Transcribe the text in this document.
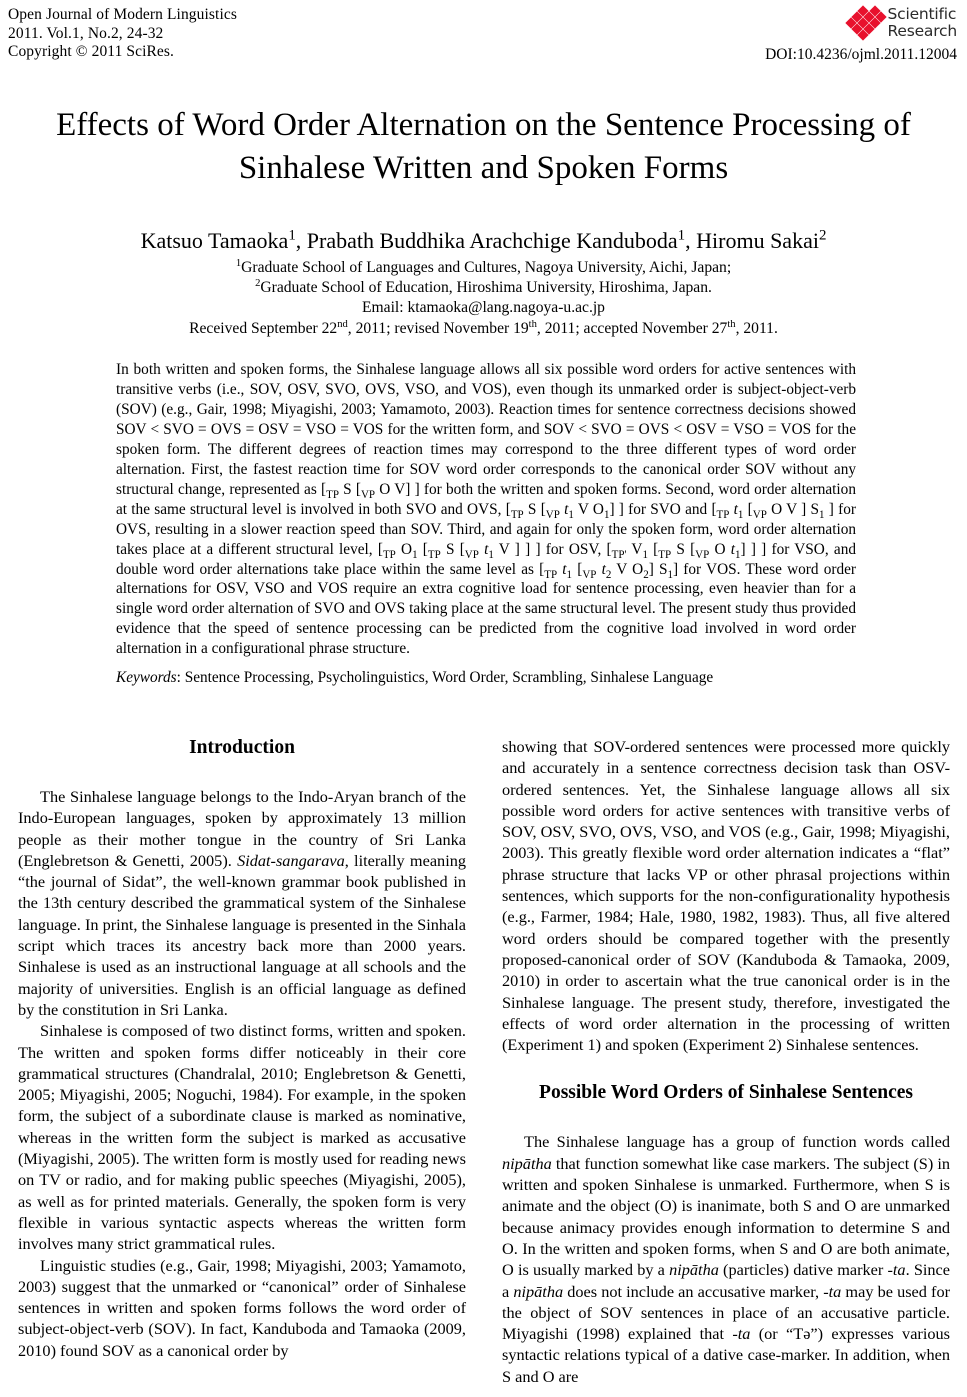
Open Journal of Modern Linguistics
2011. Vol.1, No.2, 24-32
Copyright © 2011 SciRes.
Scientific
Research
DOI:10.4236/ojml.2011.12004
Effects of Word Order Alternation on the Sentence Processing of Sinhalese Written and Spoken Forms
Katsuo Tamaoka$^1$, Prabath Buddhika Arachchige Kanduboda$^1$, Hiromu Sakai$^2$
$^1$Graduate School of Languages and Cultures, Nagoya University, Aichi, Japan;
$^2$Graduate School of Education, Hiroshima University, Hiroshima, Japan.
Email: ktamaoka@lang.nagoya-u.ac.jp
Received September 22nd, 2011; revised November 19th, 2011; accepted November 27th, 2011.

In both written and spoken forms, the Sinhalese language allows all six possible word orders for active sentences with transitive verbs (i.e., SOV, OSV, SVO, OVS, VSO, and VOS), even though its unmarked order is subject-object-verb (SOV) (e.g., Gair, 1998; Miyagishi, 2003; Yamamoto, 2003). Reaction times for sentence correctness decisions showed SOV < SVO = OVS = OSV = VSO = VOS for the written form, and SOV < SVO = OVS < OSV = VSO = VOS for the spoken form. The different degrees of reaction times may correspond to the three different types of word order alternation. First, the fastest reaction time for SOV word order corresponds to the canonical order SOV without any structural change, represented as [$_{TP}$ S [$_{VP}$ O V] ] for both the written and spoken forms. Second, word order alternation at the same structural level is involved in both SVO and OVS, [$_{TP}$ S [$_{VP}$ $t_1$ V $O_1$] ] for SVO and [$_{TP}$ $t_1$ [$_{VP}$ O V ] $S_1$ ] for OVS, resulting in a slower reaction speed than SOV. Third, and again for only the spoken form, word order alternation takes place at a different structural level, [$_{TP}$ $O_1$ [$_{TP}$ S [$_{VP}$ $t_1$ V ] ] ] for OSV, [$_{TP'}$ $V_1$ [$_{TP}$ S [$_{VP}$ O $t_1$] ] ] for VSO, and double word order alternations take place within the same level as [$_{TP}$ $t_1$ [$_{VP}$ $t_2$ V $O_2$] $S_1$] for VOS. These word order alternations for OSV, VSO and VOS require an extra cognitive load for sentence processing, even heavier than for a single word order alternation of SVO and OVS taking place at the same structural level. The present study thus provided evidence that the speed of sentence processing can be predicted from the cognitive load involved in word order alternation in a configurational phrase structure.

Keywords: Sentence Processing, Psycholinguistics, Word Order, Scrambling, Sinhalese Language
Introduction

The Sinhalese language belongs to the Indo-Aryan branch of the Indo-European languages, spoken by approximately 13 million people as their mother tongue in the country of Sri Lanka (Englebretson & Genetti, 2005). Sidat-sangarava, literally meaning “the journal of Sidat”, the well-known grammar book published in the 13th century described the grammatical system of the Sinhalese language. In print, the Sinhalese language is presented in the Sinhala script which traces its ancestry back more than 2000 years. Sinhalese is used as an instructional language at all schools and the majority of universities. English is an official language as defined by the constitution in Sri Lanka.

Sinhalese is composed of two distinct forms, written and spoken. The written and spoken forms differ noticeably in their core grammatical structures (Chandralal, 2010; Englebretson & Genetti, 2005; Miyagishi, 2005; Noguchi, 1984). For example, in the spoken form, the subject of a subordinate clause is marked as nominative, whereas in the written form the subject is marked as accusative (Miyagishi, 2005). The written form is mostly used for reading news on TV or radio, and for making public speeches (Miyagishi, 2005), as well as for printed materials. Generally, the spoken form is very flexible in various syntactic aspects whereas the written form involves many strict grammatical rules.

Linguistic studies (e.g., Gair, 1998; Miyagishi, 2003; Yamamoto, 2003) suggest that the unmarked or “canonical” order of Sinhalese sentences in written and spoken forms follows the word order of subject-object-verb (SOV). In fact, Kanduboda and Tamaoka (2009, 2010) found SOV as a canonical order by

showing that SOV-ordered sentences were processed more quickly and accurately in a sentence correctness decision task than OSV-ordered sentences. Yet, the Sinhalese language allows all six possible word orders for active sentences with transitive verbs of SOV, OSV, SVO, OVS, VSO, and VOS (e.g., Gair, 1998; Miyagishi, 2003). This greatly flexible word order alternation indicates a “flat” phrase structure that lacks VP or other phrasal projections within sentences, which supports for the non-configurationality hypothesis (e.g., Farmer, 1984; Hale, 1980, 1982, 1983). Thus, all five altered word orders should be compared together with the presently proposed-canonical order of SOV (Kanduboda & Tamaoka, 2009, 2010) in order to ascertain what the true canonical order is in the Sinhalese language. The present study, therefore, investigated the effects of word order alternation in the processing of written (Experiment 1) and spoken (Experiment 2) Sinhalese sentences.

Possible Word Orders of Sinhalese Sentences

The Sinhalese language has a group of function words called nipātha that function somewhat like case markers. The subject (S) in written and spoken Sinhalese is unmarked. Furthermore, when S is animate and the object (O) is inanimate, both S and O are unmarked because animacy provides enough information to determine S and O. In the written and spoken forms, when S and O are both animate, O is usually marked by a nipātha (particles) dative marker -ta. Since a nipātha does not include an accusative marker, -ta may be used for the object of SOV sentences in place of an accusative particle. Miyagishi (1998) explained that -ta (or “Tə”) expresses various syntactic relations typical of a dative case-marker. In addition, when S and O are
